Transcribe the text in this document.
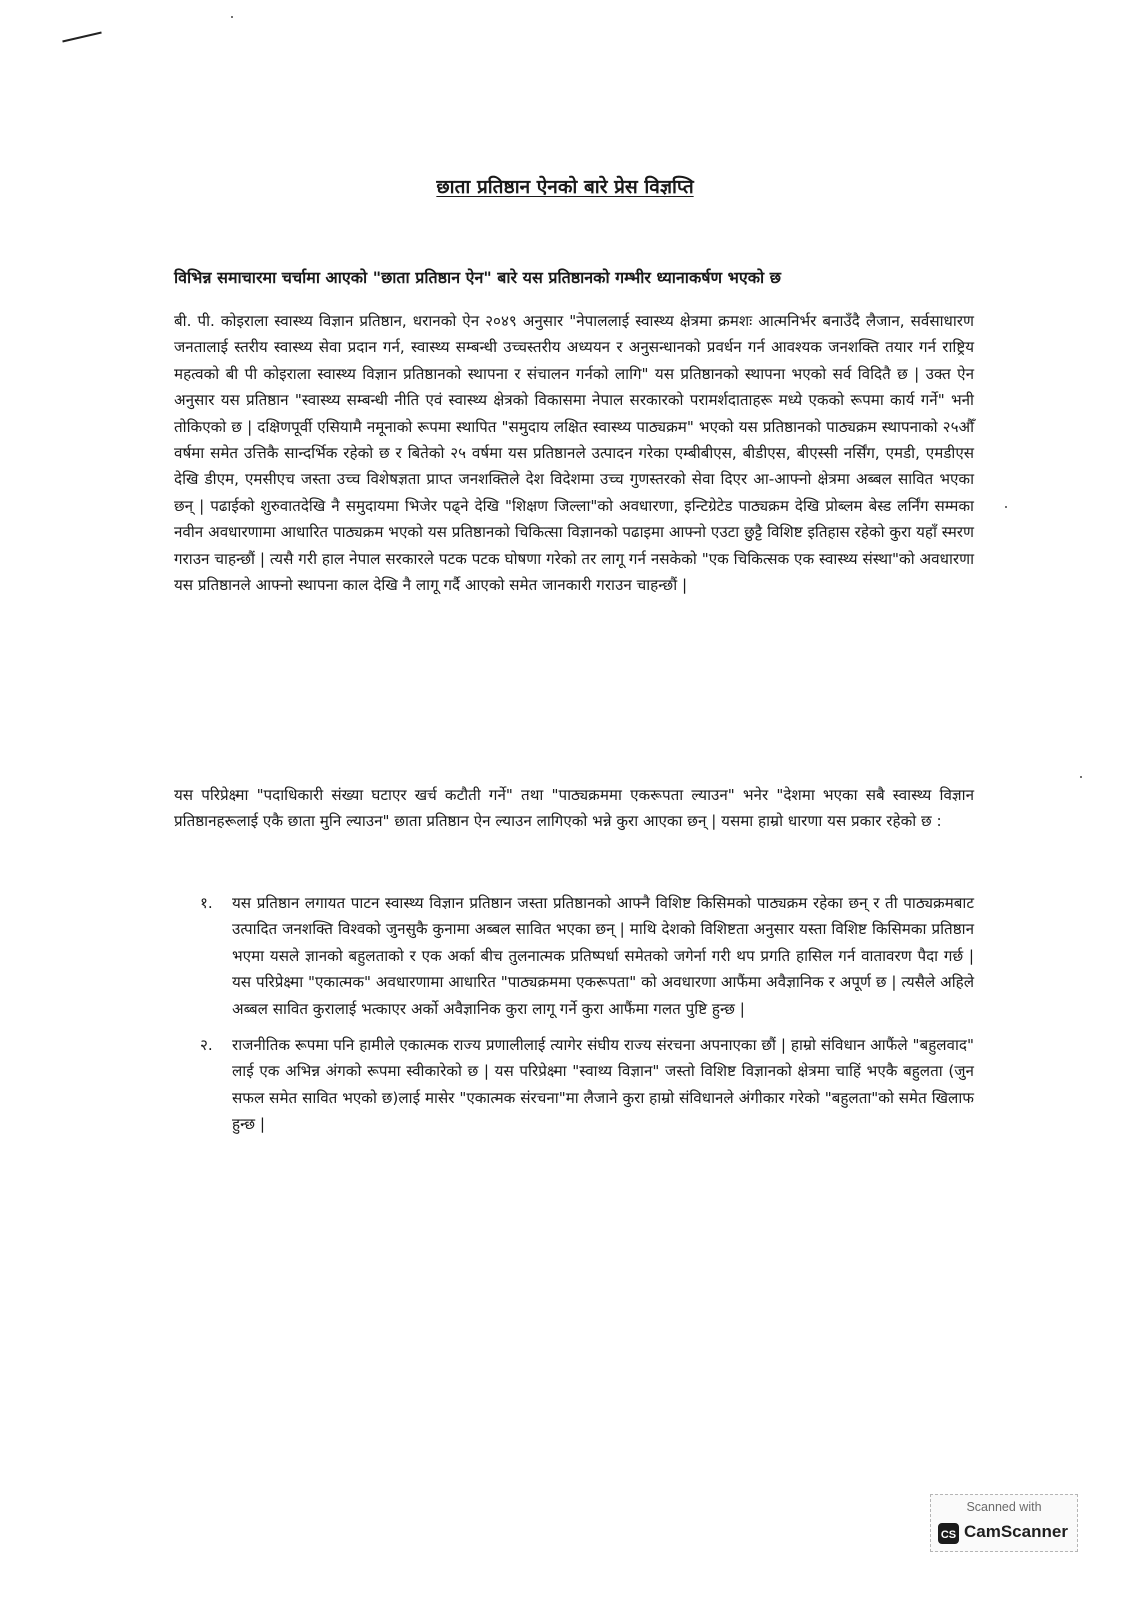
छाता प्रतिष्ठान ऐनको बारे प्रेस विज्ञप्ति
विभिन्न समाचारमा चर्चामा आएको "छाता प्रतिष्ठान ऐन" बारे यस प्रतिष्ठानको गम्भीर ध्यानाकर्षण भएको छ

बी. पी. कोइराला स्वास्थ्य विज्ञान प्रतिष्ठान, धरानको ऐन २०४९ अनुसार "नेपाललाई स्वास्थ्य क्षेत्रमा क्रमशः आत्मनिर्भर बनाउँदै लैजान, सर्वसाधारण जनतालाई स्तरीय स्वास्थ्य सेवा प्रदान गर्न, स्वास्थ्य सम्बन्धी उच्चस्तरीय अध्ययन र अनुसन्धानको प्रवर्धन गर्न आवश्यक जनशक्ति तयार गर्न राष्ट्रिय महत्वको बी पी कोइराला स्वास्थ्य विज्ञान प्रतिष्ठानको स्थापना र संचालन गर्नको लागि" यस प्रतिष्ठानको स्थापना भएको सर्व विदितै छ | उक्त ऐन अनुसार यस प्रतिष्ठान "स्वास्थ्य सम्बन्धी नीति एवं स्वास्थ्य क्षेत्रको विकासमा नेपाल सरकारको परामर्शदाताहरू मध्ये एकको रूपमा कार्य गर्ने" भनी तोकिएको छ | दक्षिणपूर्वी एसियामै नमूनाको रूपमा स्थापित "समुदाय लक्षित स्वास्थ्य पाठ्यक्रम" भएको यस प्रतिष्ठानको पाठ्यक्रम स्थापनाको २५औँ वर्षमा समेत उत्तिकै सान्दर्भिक रहेको छ र बितेको २५ वर्षमा यस प्रतिष्ठानले उत्पादन गरेका एम्बीबीएस, बीडीएस, बीएस्सी नर्सिंग, एमडी, एमडीएस देखि डीएम, एमसीएच जस्ता उच्च विशेषज्ञता प्राप्त जनशक्तिले देश विदेशमा उच्च गुणस्तरको सेवा दिएर आ-आफ्नो क्षेत्रमा अब्बल सावित भएका छन् | पढाईको शुरुवातदेखि नै समुदायमा भिजेर पढ्ने देखि "शिक्षण जिल्ला"को अवधारणा, इन्टिग्रेटेड पाठ्यक्रम देखि प्रोब्लम बेस्ड लर्निंग सम्मका नवीन अवधारणामा आधारित पाठ्यक्रम भएको यस प्रतिष्ठानको चिकित्सा विज्ञानको पढाइमा आफ्नो एउटा छुट्टै विशिष्ट इतिहास रहेको कुरा यहाँ स्मरण गराउन चाहन्छौं | त्यसै गरी हाल नेपाल सरकारले पटक पटक घोषणा गरेको तर लागू गर्न नसकेको "एक चिकित्सक एक स्वास्थ्य संस्था"को अवधारणा यस प्रतिष्ठानले आफ्नो स्थापना काल देखि नै लागू गर्दै आएको समेत जानकारी गराउन चाहन्छौं |

यस परिप्रेक्ष्मा "पदाधिकारी संख्या घटाएर खर्च कटौती गर्ने" तथा "पाठ्यक्रममा एकरूपता ल्याउन" भनेर "देशमा भएका सबै स्वास्थ्य विज्ञान प्रतिष्ठानहरूलाई एकै छाता मुनि ल्याउन" छाता प्रतिष्ठान ऐन ल्याउन लागिएको भन्ने कुरा आएका छन् | यसमा हाम्रो धारणा यस प्रकार रहेको छ :

१.	यस प्रतिष्ठान लगायत पाटन स्वास्थ्य विज्ञान प्रतिष्ठान जस्ता प्रतिष्ठानको आफ्नै विशिष्ट किसिमको पाठ्यक्रम रहेका छन् र ती पाठ्यक्रमबाट उत्पादित जनशक्ति विश्वको जुनसुकै कुनामा अब्बल सावित भएका छन् | माथि देशको विशिष्टता अनुसार यस्ता विशिष्ट किसिमका प्रतिष्ठान भएमा यसले ज्ञानको बहुलताको र एक अर्का बीच तुलनात्मक प्रतिष्पर्धा समेतको जगेर्ना गरी थप प्रगति हासिल गर्न वातावरण पैदा गर्छ | यस परिप्रेक्ष्मा "एकात्मक" अवधारणामा आधारित "पाठ्यक्रममा एकरूपता" को अवधारणा आफैंमा अवैज्ञानिक र अपूर्ण छ | त्यसैले अहिले अब्बल सावित कुरालाई भत्काएर अर्को अवैज्ञानिक कुरा लागू गर्ने कुरा आफैंमा गलत पुष्टि हुन्छ |
२.	राजनीतिक रूपमा पनि हामीले एकात्मक राज्य प्रणालीलाई त्यागेर संघीय राज्य संरचना अपनाएका छौं | हाम्रो संविधान आफैंले "बहुलवाद" लाई एक अभिन्न अंगको रूपमा स्वीकारेको छ | यस परिप्रेक्ष्मा "स्वाथ्य विज्ञान" जस्तो विशिष्ट विज्ञानको क्षेत्रमा चाहिं भएकै बहुलता (जुन सफल समेत सावित भएको छ)लाई मासेर "एकात्मक संरचना"मा लैजाने कुरा हाम्रो संविधानले अंगीकार गरेको "बहुलता"को समेत खिलाफ हुन्छ |
Scanned with
CS CamScanner
